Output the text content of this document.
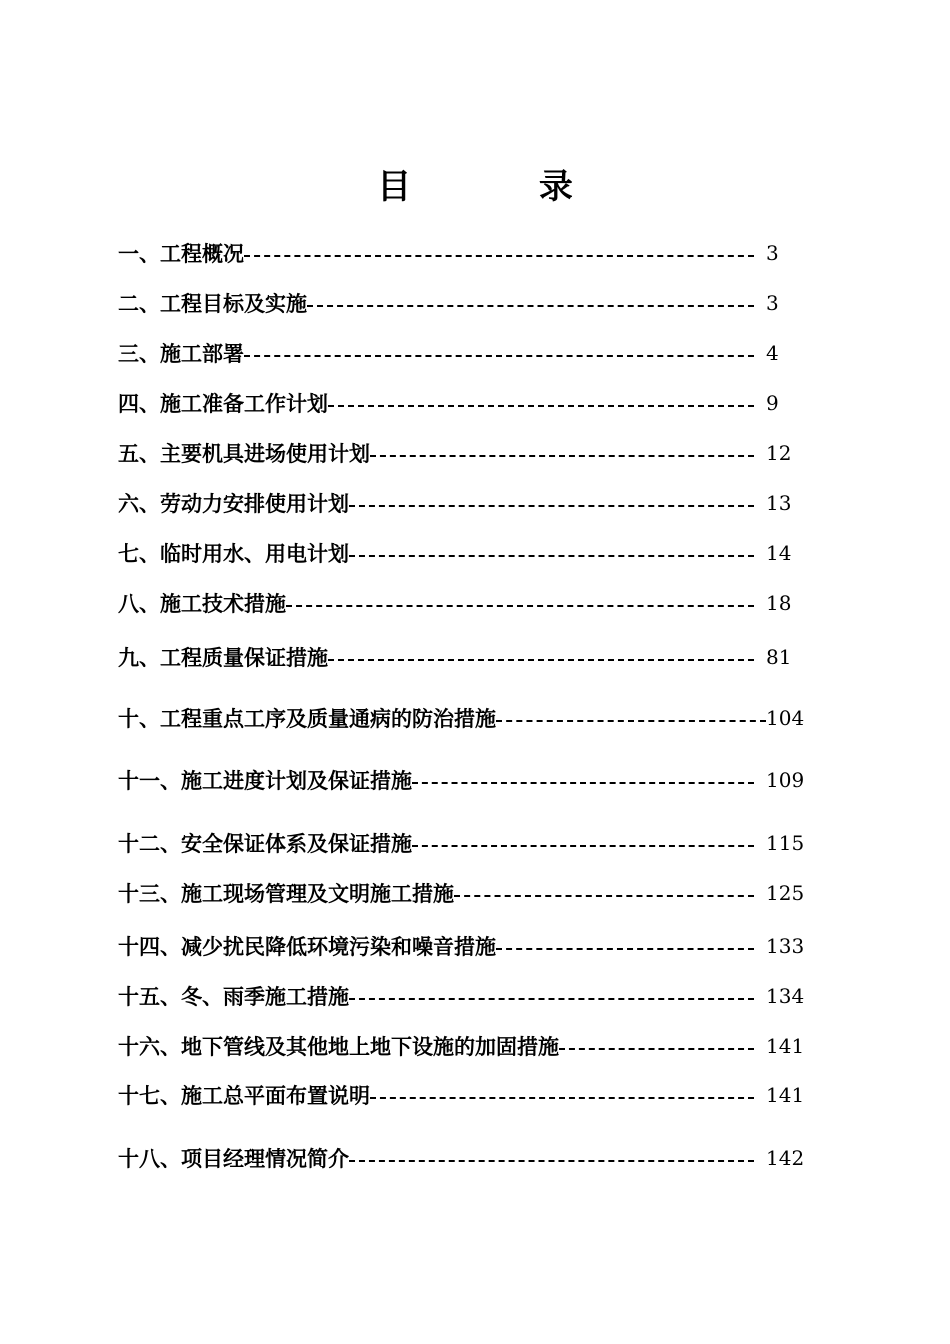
目 录
一、工程概况	3
二、工程目标及实施	3
三、施工部署	4
四、施工准备工作计划	9
五、主要机具进场使用计划	12
六、劳动力安排使用计划	13
七、临时用水、用电计划	14
八、施工技术措施	18
九、工程质量保证措施	81
十、工程重点工序及质量通病的防治措施	104
十一、施工进度计划及保证措施	109
十二、安全保证体系及保证措施	115
十三、施工现场管理及文明施工措施	125
十四、减少扰民降低环境污染和噪音措施	133
十五、冬、雨季施工措施	134
十六、地下管线及其他地上地下设施的加固措施	141
十七、施工总平面布置说明	141
十八、项目经理情况简介	142
